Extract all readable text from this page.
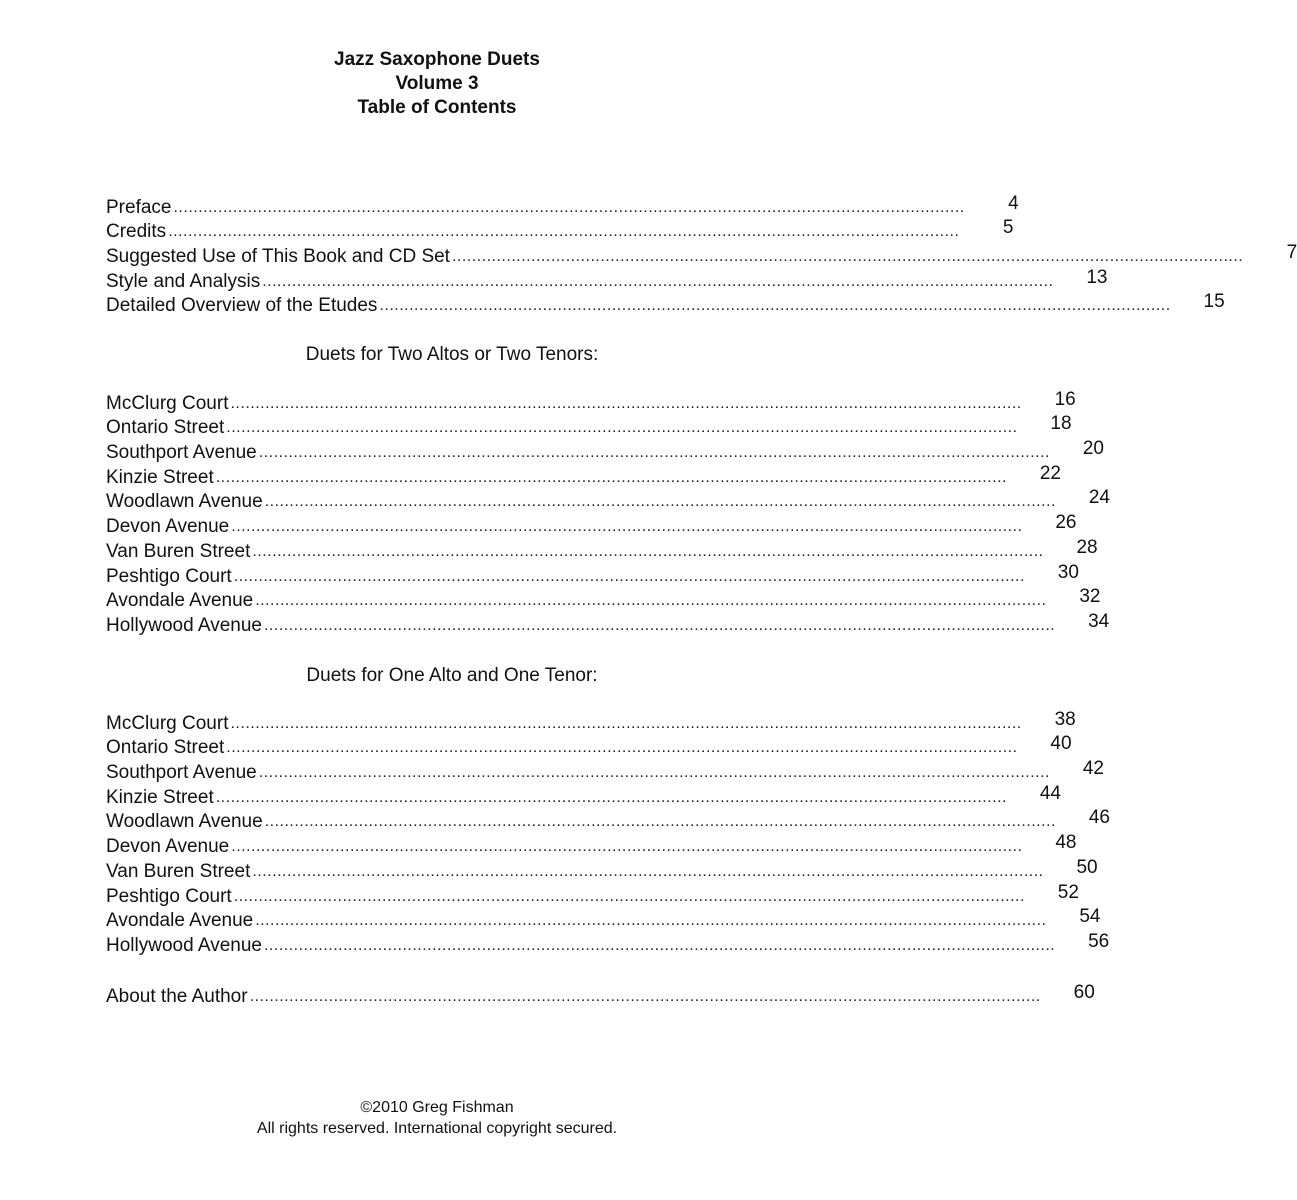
Jazz Saxophone Duets
Volume 3
Table of Contents
Preface ................................................................................................................................................................	4
Credits ................................................................................................................................................................	5
Suggested Use of This Book and CD Set ................................................................................................................................................................	7
Style and Analysis ................................................................................................................................................................	13
Detailed Overview of the Etudes ................................................................................................................................................................	15
Duets for Two Altos or Two Tenors:
McClurg Court ................................................................................................................................................................	16
Ontario Street ................................................................................................................................................................	18
Southport Avenue ................................................................................................................................................................	20
Kinzie Street ................................................................................................................................................................	22
Woodlawn Avenue ................................................................................................................................................................	24
Devon Avenue ................................................................................................................................................................	26
Van Buren Street ................................................................................................................................................................	28
Peshtigo Court ................................................................................................................................................................	30
Avondale Avenue ................................................................................................................................................................	32
Hollywood Avenue ................................................................................................................................................................	34
Duets for One Alto and One Tenor:
McClurg Court ................................................................................................................................................................	38
Ontario Street ................................................................................................................................................................	40
Southport Avenue ................................................................................................................................................................	42
Kinzie Street ................................................................................................................................................................	44
Woodlawn Avenue ................................................................................................................................................................	46
Devon Avenue ................................................................................................................................................................	48
Van Buren Street ................................................................................................................................................................	50
Peshtigo Court ................................................................................................................................................................	52
Avondale Avenue ................................................................................................................................................................	54
Hollywood Avenue ................................................................................................................................................................	56
About the Author ................................................................................................................................................................	60
©2010 Greg Fishman
All rights reserved. International copyright secured.
